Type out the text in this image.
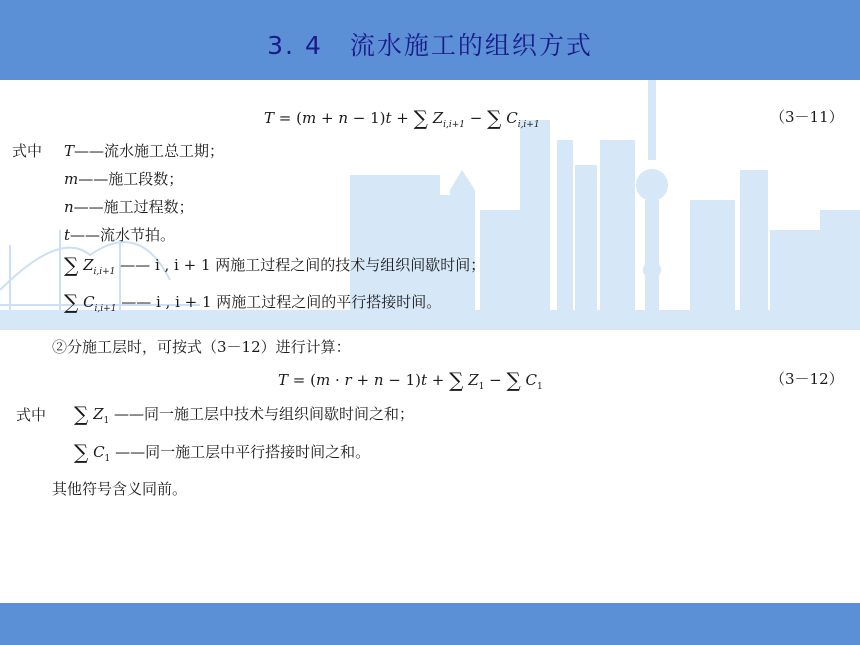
3. 4　流水施工的组织方式
T = (m + n − 1)t + ∑ $Z_{i,i+1}$ − ∑ $C_{i,i+1}$	（3－11）
式中 T——流水施工总工期；
m——施工段数；
n——施工过程数；
t——流水节拍。
∑ $Z_{i,i+1}$ —— i , i + 1 两施工过程之间的技术与组织间歇时间；
∑ $C_{i,i+1}$ —— i , i + 1 两施工过程之间的平行搭接时间。
②分施工层时，可按式（3－12）进行计算：
T = (m · r + n − 1)t + ∑ $Z_1$ − ∑ $C_1$	（3－12）
式中 ∑ $Z_1$ ——同一施工层中技术与组织间歇时间之和；
∑ $C_1$ ——同一施工层中平行搭接时间之和。
其他符号含义同前。
